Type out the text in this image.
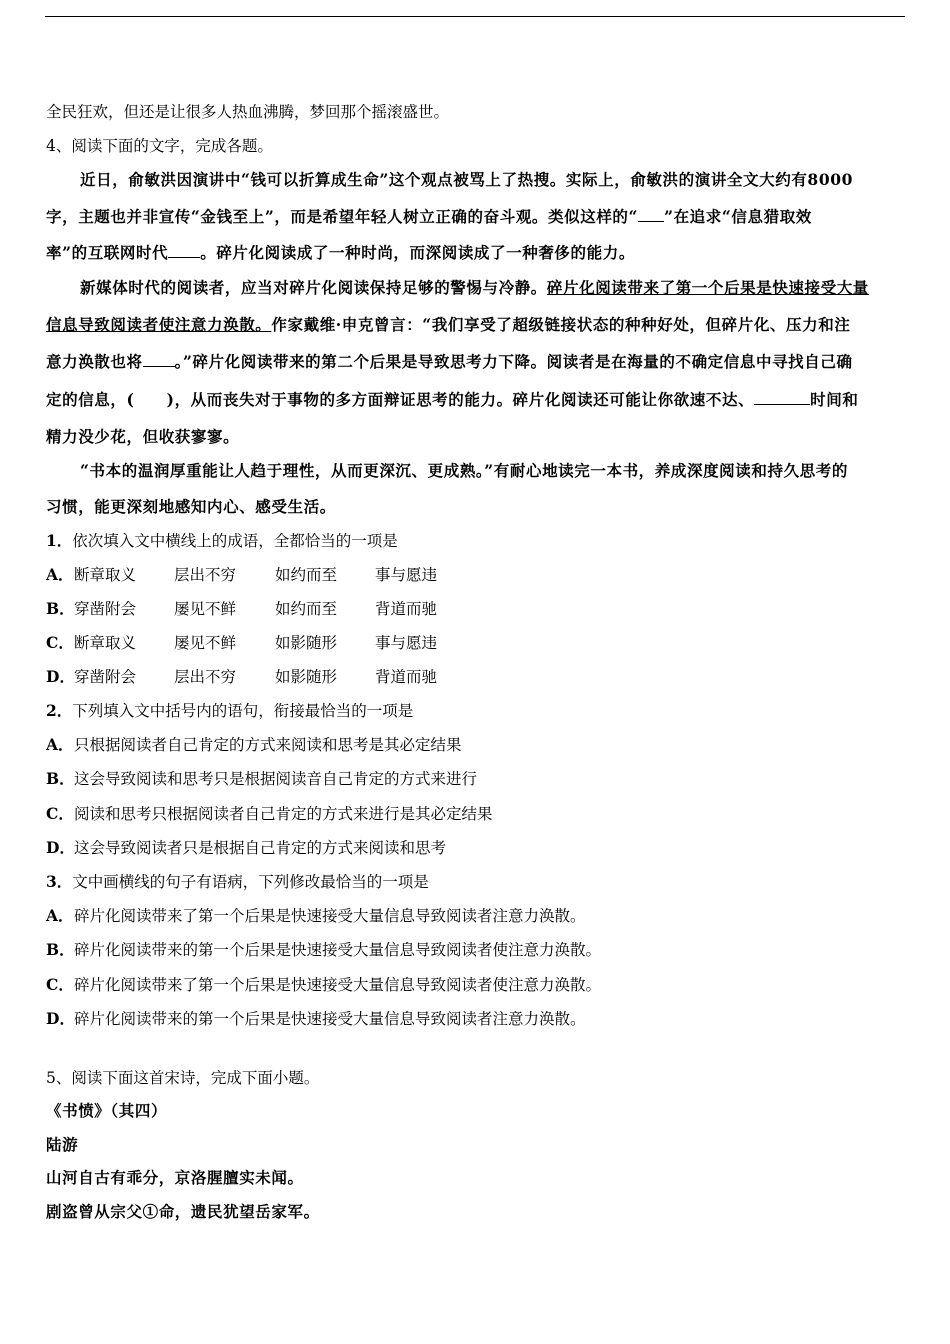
全民狂欢，但还是让很多人热血沸腾，梦回那个摇滚盛世。
4、阅读下面的文字，完成各题。
近日，俞敏洪因演讲中“钱可以折算成生命”这个观点被骂上了热搜。实际上，俞敏洪的演讲全文大约有8000
字，主题也并非宣传“金钱至上”，而是希望年轻人树立正确的奋斗观。类似这样的“ ”在追求“信息猎取效
率”的互联网时代 。碎片化阅读成了一种时尚，而深阅读成了一种奢侈的能力。
新媒体时代的阅读者，应当对碎片化阅读保持足够的警惕与冷静。碎片化阅读带来了第一个后果是快速接受大量
信息导致阅读者使注意力涣散。作家戴维·申克曾言：“我们享受了超级链接状态的种种好处，但碎片化、压力和注
意力涣散也将 。”碎片化阅读带来的第二个后果是导致思考力下降。阅读者是在海量的不确定信息中寻找自己确
定的信息，(　　)，从而丧失对于事物的多方面辩证思考的能力。碎片化阅读还可能让你欲速不达、	时间和
精力没少花，但收获寥寥。
“书本的温润厚重能让人趋于理性，从而更深沉、更成熟。”有耐心地读完一本书，养成深度阅读和持久思考的
习惯，能更深刻地感知内心、感受生活。
1．依次填入文中横线上的成语，全都恰当的一项是
A．断章取义 层出不穷	如约而至 事与愿违
B．穿凿附会 屡见不鲜	如约而至 背道而驰
C．断章取义 屡见不鲜	如影随形 事与愿违
D．穿凿附会 层出不穷	如影随形 背道而驰
2．下列填入文中括号内的语句，衔接最恰当的一项是
A．只根据阅读者自己肯定的方式来阅读和思考是其必定结果
B．这会导致阅读和思考只是根据阅读音自己肯定的方式来进行
C．阅读和思考只根据阅读者自己肯定的方式来进行是其必定结果
D．这会导致阅读者只是根据自己肯定的方式来阅读和思考
3．文中画横线的句子有语病，下列修改最恰当的一项是
A．碎片化阅读带来了第一个后果是快速接受大量信息导致阅读者注意力涣散。
B．碎片化阅读带来的第一个后果是快速接受大量信息导致阅读者使注意力涣散。
C．碎片化阅读带来了第一个后果是快速接受大量信息导致阅读者使注意力涣散。
D．碎片化阅读带来的第一个后果是快速接受大量信息导致阅读者注意力涣散。
5、阅读下面这首宋诗，完成下面小题。
《书愤》（其四）
陆游
山河自古有乖分，京洛腥膻实未闻。
剧盗曾从宗父①命，遗民犹望岳家军。
